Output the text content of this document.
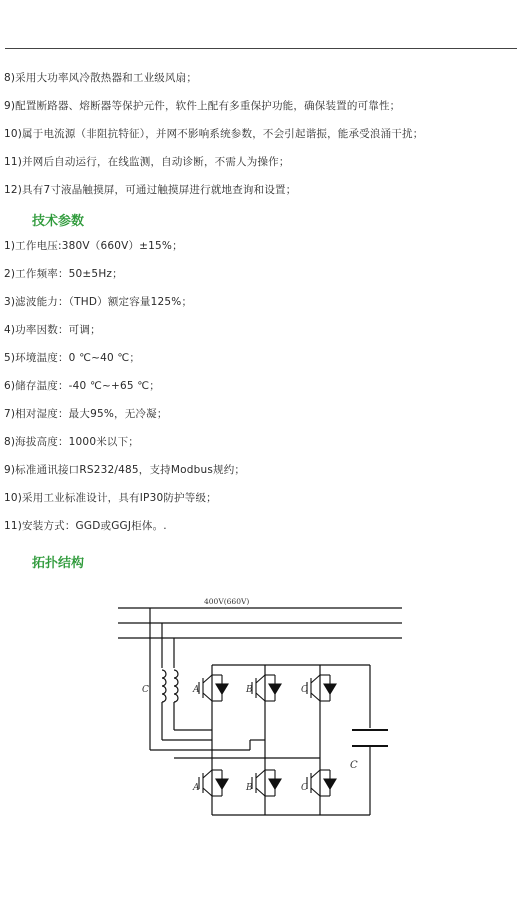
8)采用大功率风冷散热器和工业级风扇；
9)配置断路器、熔断器等保护元件，软件上配有多重保护功能，确保装置的可靠性；
10)属于电流源（非阻抗特征），并网不影响系统参数，不会引起谐振，能承受浪涌干扰；
11)并网后自动运行，在线监测，自动诊断，不需人为操作；
12)具有7寸液晶触摸屏，可通过触摸屏进行就地查询和设置；
技术参数
1)工作电压:380V（660V）±15%；
2)工作频率：50±5Hz；
3)滤波能力：（THD）额定容量125%；
4)功率因数：可调；
5)环境温度：0 ℃~40 ℃；
6)储存温度：-40 ℃~+65 ℃；
7)相对湿度：最大95%，无冷凝；
8)海拔高度：1000米以下；
9)标准通讯接口RS232/485，支持Modbus规约；
10)采用工业标准设计，具有IP30防护等级；
11)安装方式：GGD或GGJ柜体。.
拓扑结构
400V(660V)
C	A	B	C
A	B	C
C
